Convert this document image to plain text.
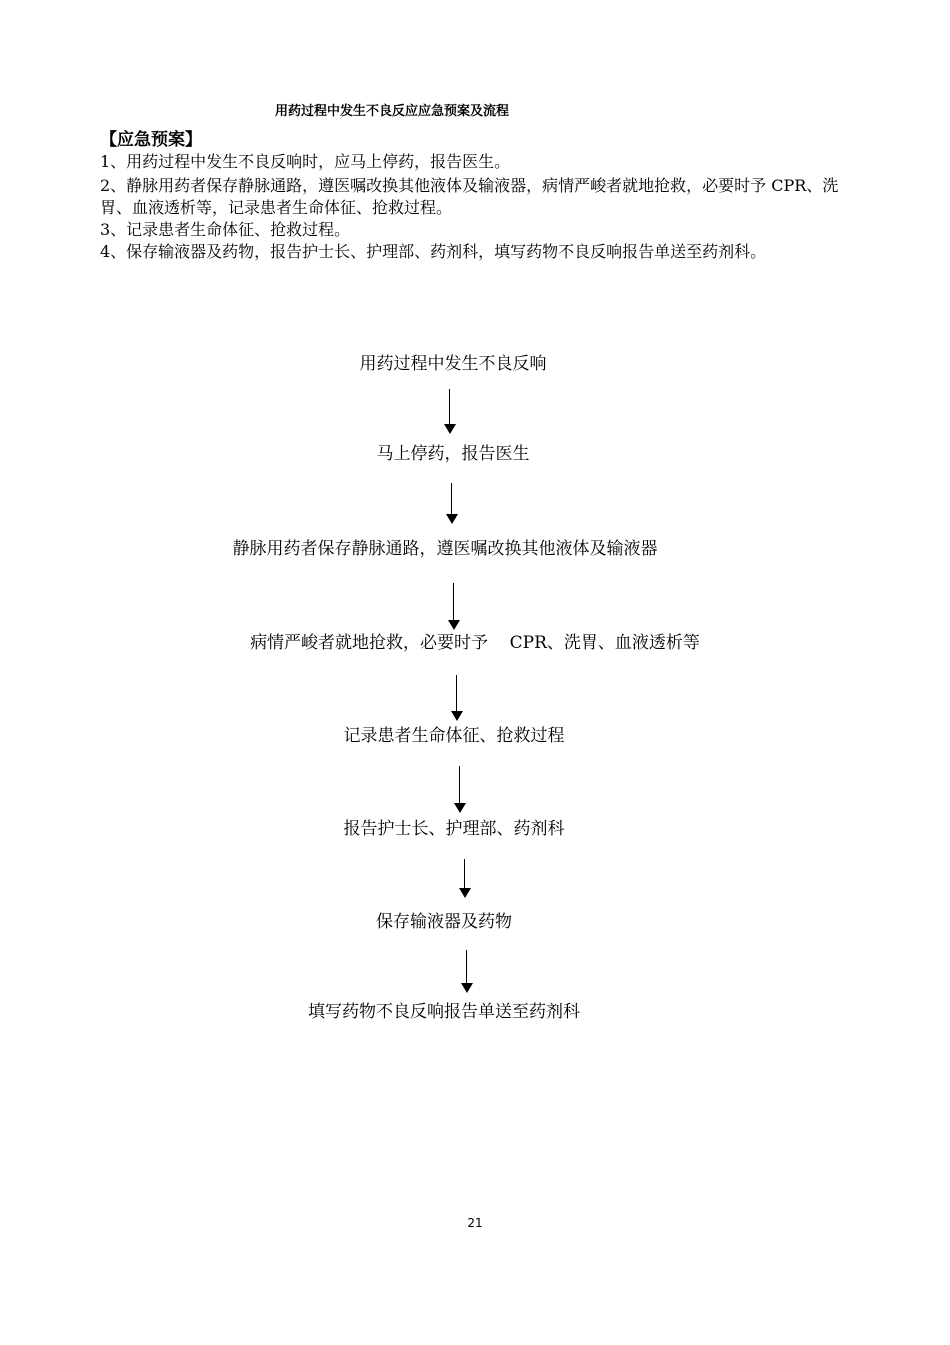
用药过程中发生不良反应应急预案及流程
【应急预案】

1、用药过程中发生不良反响时，应马上停药，报告医生。

2、静脉用药者保存静脉通路，遵医嘱改换其他液体及输液器，病情严峻者就地抢救，必要时予 CPR、洗胃、血液透析等，记录患者生命体征、抢救过程。

3、记录患者生命体征、抢救过程。

4、保存输液器及药物，报告护士长、护理部、药剂科，填写药物不良反响报告单送至药剂科。

用药过程中发生不良反响
马上停药，报告医生
静脉用药者保存静脉通路，遵医嘱改换其他液体及输液器
病情严峻者就地抢救，必要时予    CPR、洗胃、血液透析等
记录患者生命体征、抢救过程
报告护士长、护理部、药剂科
保存输液器及药物
填写药物不良反响报告单送至药剂科
21
